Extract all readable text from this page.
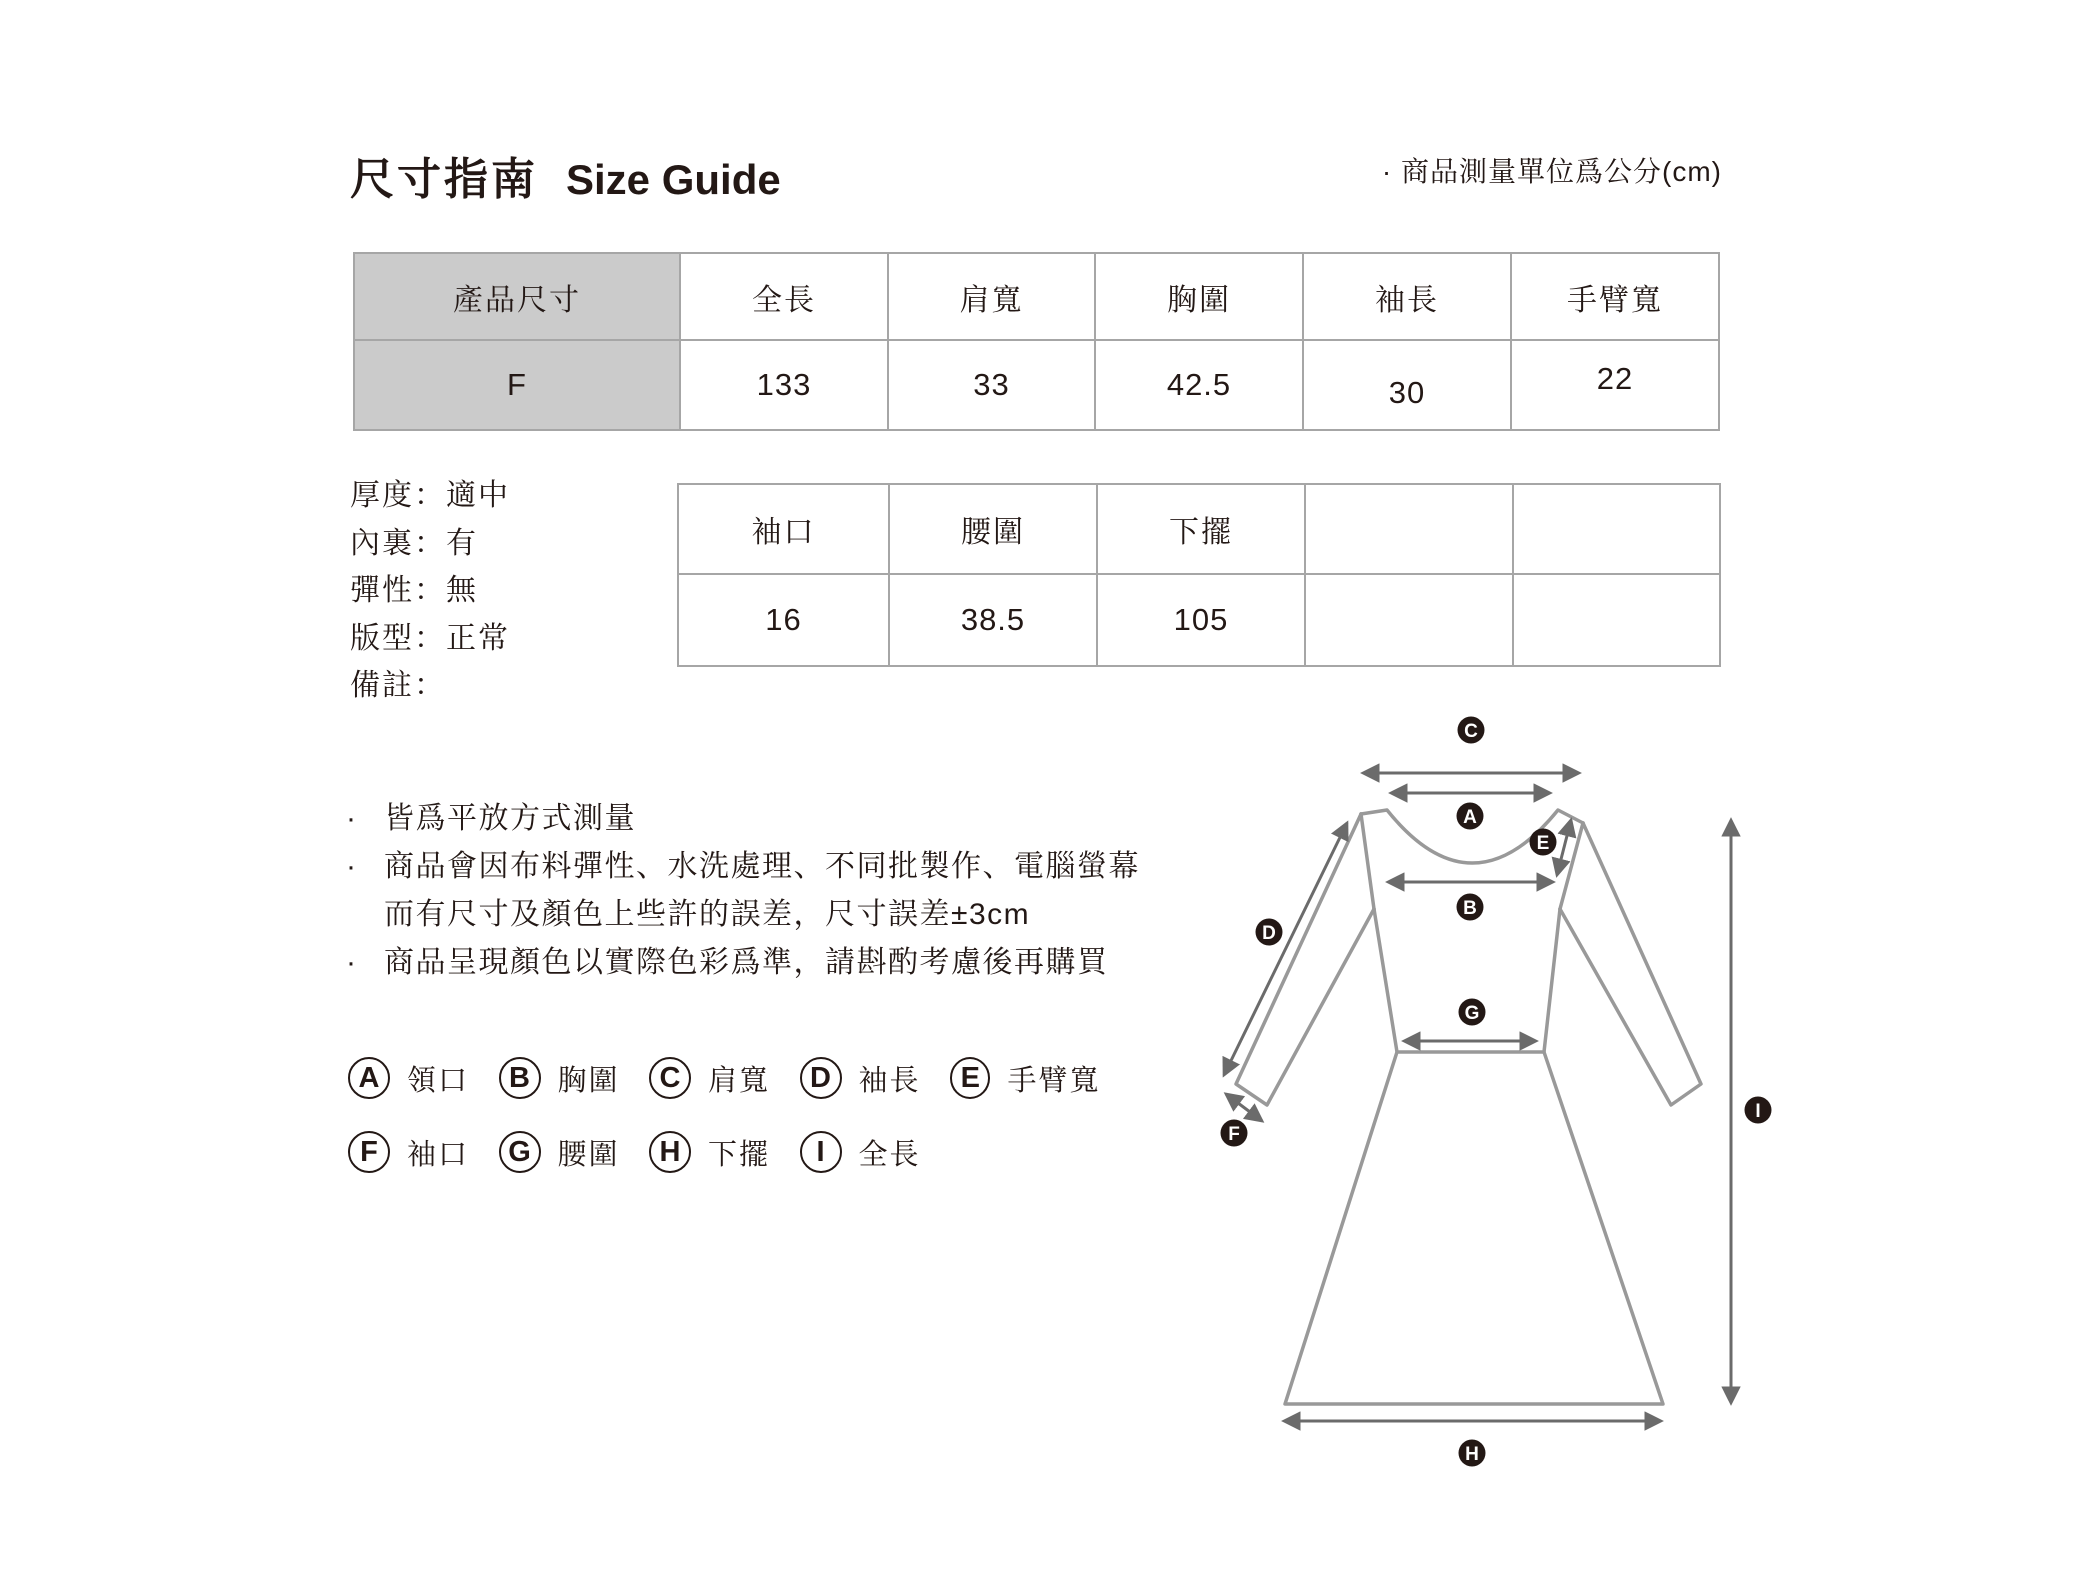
尺寸指南 Size Guide	· 商品測量單位爲公分(cm)
產品尺寸	全長	肩寬	胸圍	袖長	手臂寬
F	133	33	42.5	30	22
袖口	腰圍	下擺		
16	38.5	105		
厚度：適中
內裏：有
彈性：無
版型：正常
備註：
· 皆爲平放方式測量
· 商品會因布料彈性、水洗處理、不同批製作、電腦螢幕
而有尺寸及顏色上些許的誤差，尺寸誤差±3cm
· 商品呈現顏色以實際色彩爲準，請斟酌考慮後再購買
A 領口	B 胸圍	C 肩寬	D 袖長	E 手臂寬
F	袖口	G 腰圍	H 下擺	I	全長
C
A
E
D
B
G
F
I
H
